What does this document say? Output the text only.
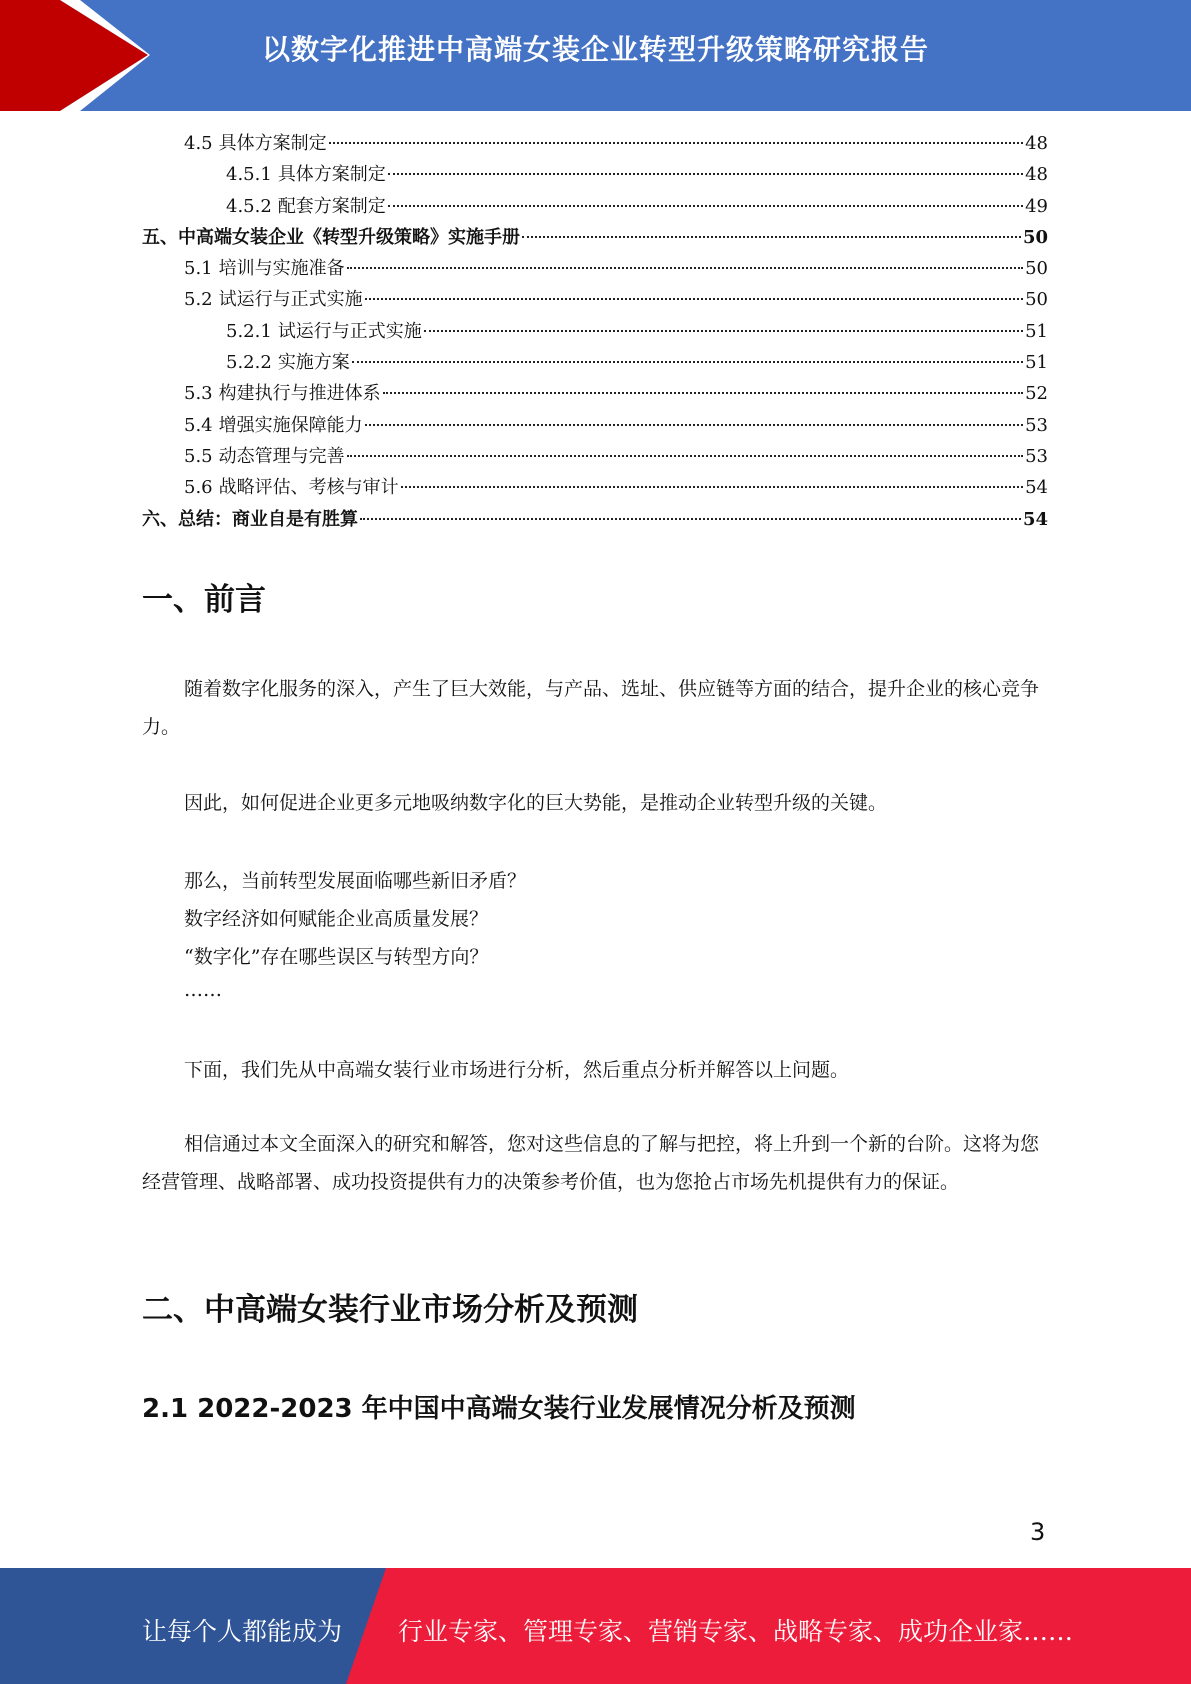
以数字化推进中高端女装企业转型升级策略研究报告
4.5 具体方案制定	48
4.5.1 具体方案制定	48
4.5.2 配套方案制定	49
五、中高端女装企业《转型升级策略》实施手册	50
5.1 培训与实施准备	50
5.2 试运行与正式实施	50
5.2.1 试运行与正式实施	51
5.2.2 实施方案	51
5.3 构建执行与推进体系	52
5.4 增强实施保障能力	53
5.5 动态管理与完善	53
5.6 战略评估、考核与审计	54
六、总结：商业自是有胜算	54
一、前言
随着数字化服务的深入，产生了巨大效能，与产品、选址、供应链等方面的结合，提升企业的核心竞争力。
因此，如何促进企业更多元地吸纳数字化的巨大势能，是推动企业转型升级的关键。
那么，当前转型发展面临哪些新旧矛盾？
数字经济如何赋能企业高质量发展？
“数字化”存在哪些误区与转型方向？
……
下面，我们先从中高端女装行业市场进行分析，然后重点分析并解答以上问题。
相信通过本文全面深入的研究和解答，您对这些信息的了解与把控，将上升到一个新的台阶。这将为您经营管理、战略部署、成功投资提供有力的决策参考价值，也为您抢占市场先机提供有力的保证。
二、中高端女装行业市场分析及预测
2.1 2022-2023 年中国中高端女装行业发展情况分析及预测
3
让每个人都能成为 行业专家、管理专家、营销专家、战略专家、成功企业家……
